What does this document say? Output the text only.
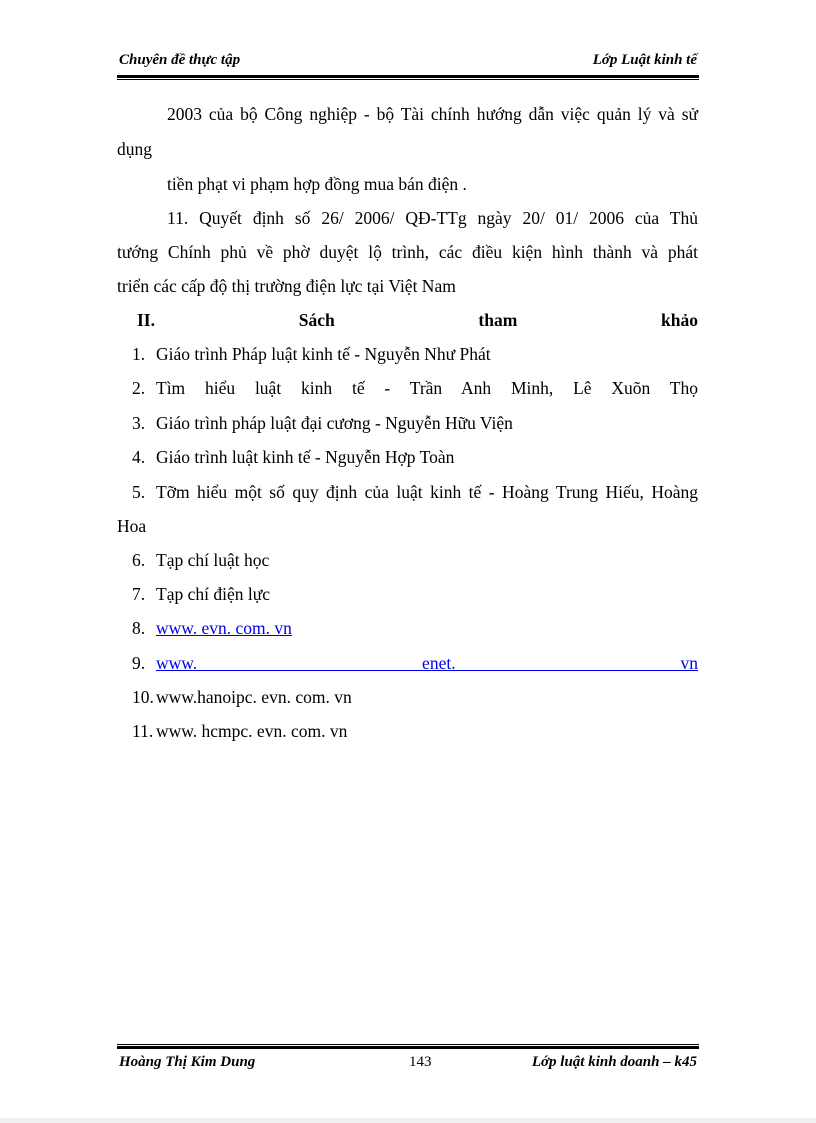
Chuyên đề thực tập	Lớp Luật kinh tế
2003 của bộ Công nghiệp - bộ Tài chính hướng dẫn việc quản lý và sử
dụng
tiền phạt vi phạm hợp đồng mua bán điện .
11. Quyết định số 26/ 2006/ QĐ-TTg ngày 20/ 01/ 2006 của Thủ
tướng Chính phủ về phờ duyệt lộ trình, các điều kiện hình thành và phát
triển các cấp độ thị trường điện lực tại Việt Nam
II. Sách tham khảo
1. Giáo trình Pháp luật kinh tế - Nguyễn Như Phát
2. Tìm hiểu luật kinh tế - Trần Anh Minh, Lê Xuõn Thọ
3. Giáo trình pháp luật đại cương - Nguyễn Hữu Viện
4. Giáo trình luật kinh tế - Nguyễn Hợp Toàn
5. Tỡm hiểu một số quy định của luật kinh tế - Hoàng Trung Hiếu, Hoàng
Hoa
6. Tạp chí luật học
7. Tạp chí điện lực
8. www. evn. com. vn
9. www. enet. vn
10. www.hanoipc. evn. com. vn
11. www. hcmpc. evn. com. vn
Hoàng Thị Kim Dung	143	Lớp luật kinh doanh – k45
